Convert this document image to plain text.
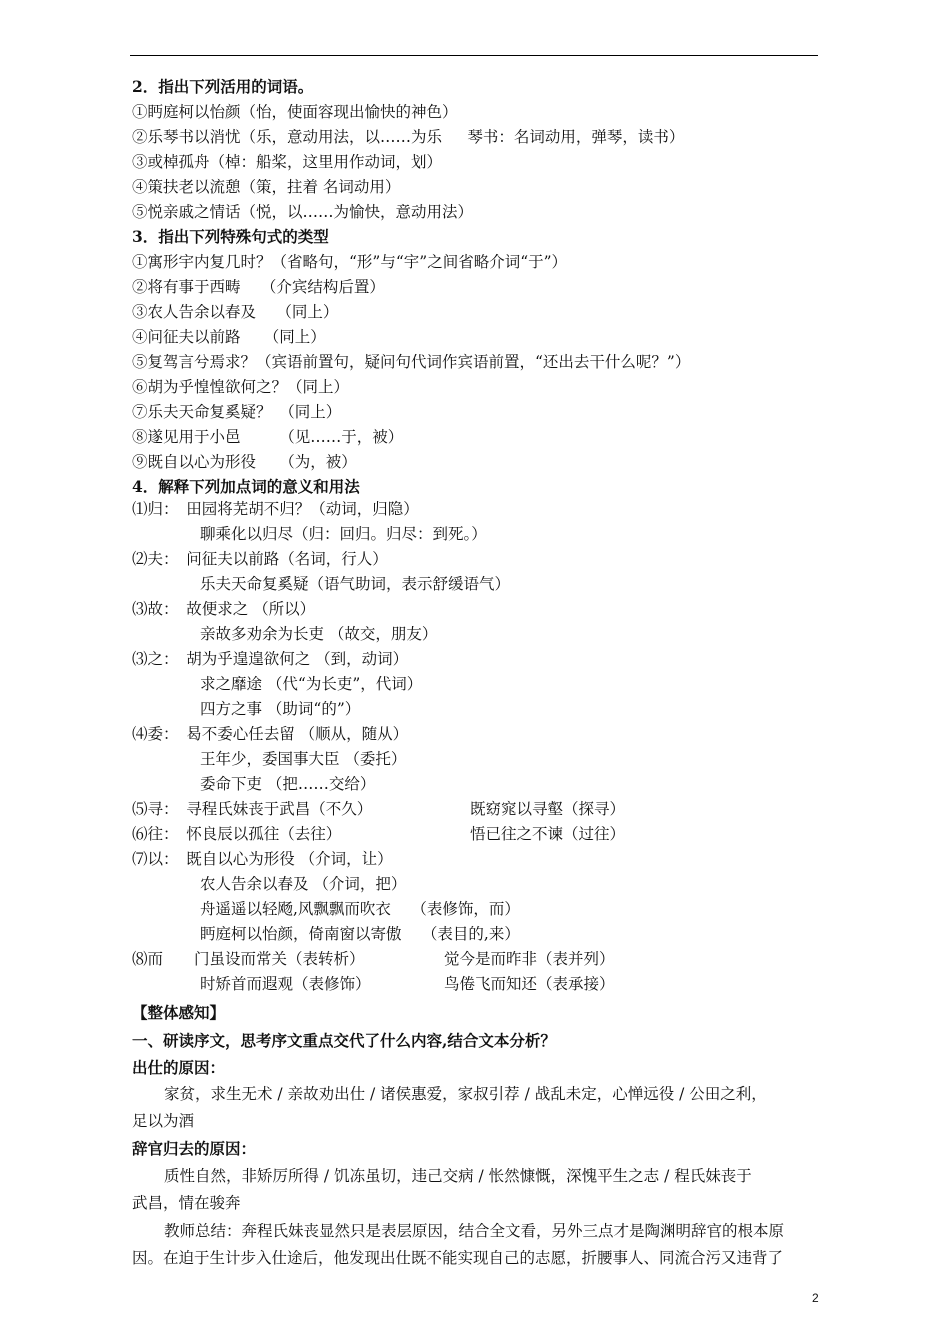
2．指出下列活用的词语。
①眄庭柯以怡颜（怡，使面容现出愉快的神色）
②乐琴书以消忧（乐，意动用法，以……为乐　  琴书：名词动用，弹琴，读书）
③或棹孤舟（棹：船桨，这里用作动词，划）
④策扶老以流憩（策，拄着 名词动用）
⑤悦亲戚之情话（悦，以……为愉快，意动用法）
3．指出下列特殊句式的类型
①寓形宇内复几时？（省略句，“形”与“宇”之间省略介词“于”）
②将有事于西畴　 （介宾结构后置）
③农人告余以春及　 （同上）
④问征夫以前路　　（同上）
⑤复驾言兮焉求？（宾语前置句，疑问句代词作宾语前置，“还出去干什么呢？”）
⑥胡为乎惶惶欲何之？（同上）
⑦乐夫天命复奚疑？　（同上）
⑧遂见用于小邑　　　（见……于，被）
⑨既自以心为形役　　（为，被）
4．解释下列加点词的意义和用法
⑴归：　田园将芜胡不归？（动词，归隐）
聊乘化以归尽（归：回归。归尽：到死。）
⑵夫：　问征夫以前路（名词，行人）
乐夫天命复奚疑（语气助词，表示舒缓语气）
⑶故：　故便求之 （所以）
亲故多劝余为长吏 （故交，朋友）
⑶之：　胡为乎遑遑欲何之 （到，动词）
求之靡途 （代“为长吏”，代词）
四方之事 （助词“的”）
⑷委：　曷不委心任去留 （顺从，随从）
王年少，委国事大臣 （委托）
委命下吏 （把……交给）
⑸寻：　寻程氏妹丧于武昌（不久）	既窈窕以寻壑（探寻）
⑹往：　怀良辰以孤往（去往）	悟已往之不谏（过往）
⑺以：　既自以心为形役 （介词，让）
农人告余以春及 （介词，把）
舟遥遥以轻飏,风飘飘而吹衣　 （表修饰，而）
眄庭柯以怡颜，倚南窗以寄傲　 （表目的,来）
⑻而　　门虽设而常关（表转析）	觉今是而昨非（表并列）
时矫首而遐观（表修饰）	鸟倦飞而知还（表承接）
【整体感知】
一、研读序文，思考序文重点交代了什么内容,结合文本分析？
出仕的原因：
家贫，求生无术 / 亲故劝出仕 / 诸侯惠爱，家叔引荐 / 战乱未定，心惮远役 / 公田之利，
足以为酒
辞官归去的原因：
质性自然，非矫厉所得 / 饥冻虽切，违己交病 / 怅然慷慨，深愧平生之志 / 程氏妹丧于
武昌，情在骏奔
教师总结：奔程氏妹丧显然只是表层原因，结合全文看，另外三点才是陶渊明辞官的根本原
因。在迫于生计步入仕途后，他发现出仕既不能实现自己的志愿，折腰事人、同流合污又违背了
2
